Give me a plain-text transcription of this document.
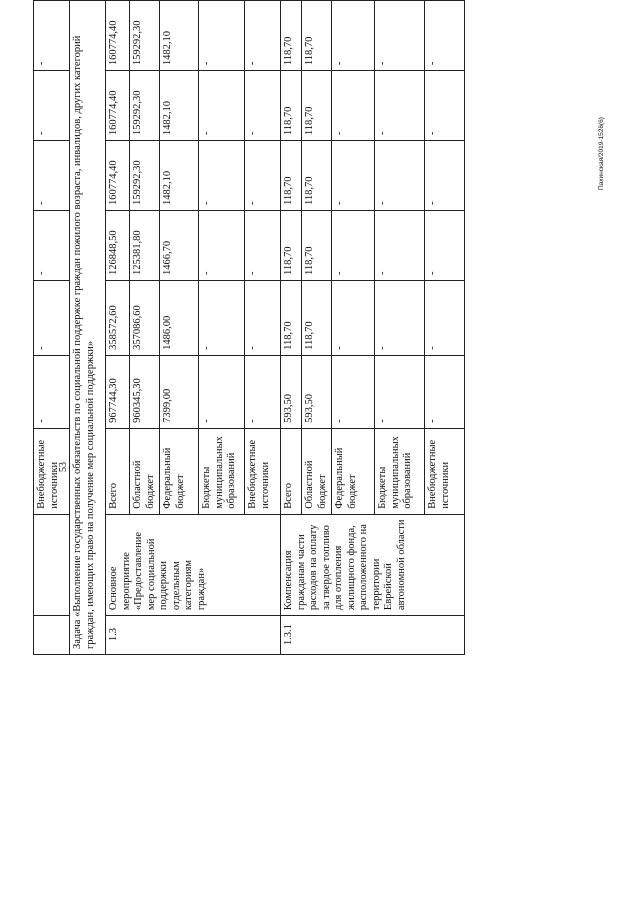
53
Пахинская/2019-1526(6)
		Внебюджетные источники	-	-	-	-	-	-
Задача «Выполнение государственных обязательств по социальной поддержке граждан пожилого возраста, инвалидов, других категорий граждан, имеющих право на получение мер социальной поддержки»								
1.3	Основное мероприятие «Предоставление мер социальной поддержки отдельным категориям граждан»	Всего	967744,30	358572,60	126848,50	160774,40	160774,40	160774,40
		Областной бюджет	960345,30	357086,60	125381,80	159292,30	159292,30	159292,30
		Федеральный бюджет	7399,00	1486,00	1466,70	1482,10	1482,10	1482,10
		Бюджеты муниципальных образований	-	-	-	-	-	-
		Внебюджетные источники	-	-	-	-	-	-
1.3.1	Компенсация гражданам части расходов на оплату за твердое топливо для отопления жилищного фонда, расположенного на территории Еврейской автономной области	Всего	593,50	118,70	118,70	118,70	118,70	118,70
		Областной бюджет	593,50	118,70	118,70	118,70	118,70	118,70
		Федеральный бюджет	-	-	-	-	-	-
		Бюджеты муниципальных образований	-	-	-	-	-	-
		Внебюджетные источники	-	-	-	-	-	-
